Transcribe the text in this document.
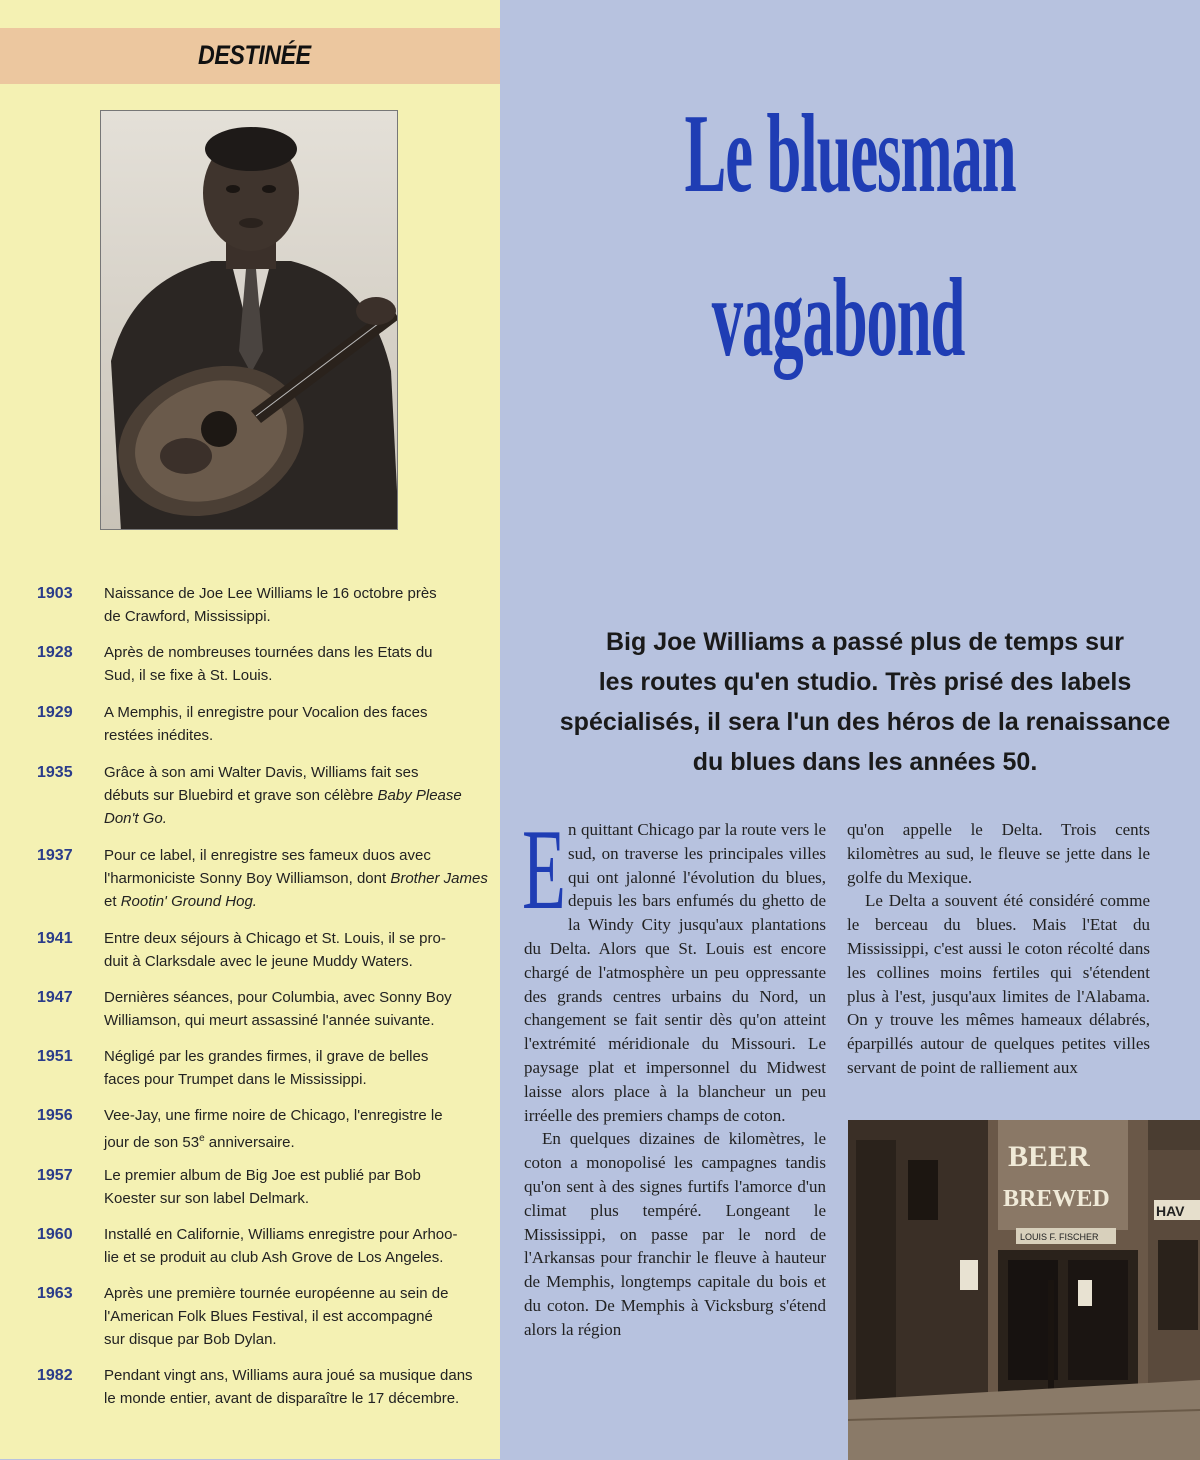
DESTINÉE
1903 Naissance de Joe Lee Williams le 16 octobre près
de Crawford, Mississippi.
1928 Après de nombreuses tournées dans les Etats du
Sud, il se fixe à St. Louis.
1929 A Memphis, il enregistre pour Vocalion des faces
restées inédites.
1935 Grâce à son ami Walter Davis, Williams fait ses
débuts sur Bluebird et grave son célèbre Baby Please Don't Go.
1937 Pour ce label, il enregistre ses fameux duos avec
l'harmoniciste Sonny Boy Williamson, dont Brother James et Rootin' Ground Hog.
1941 Entre deux séjours à Chicago et St. Louis, il se pro-
duit à Clarksdale avec le jeune Muddy Waters.
1947 Dernières séances, pour Columbia, avec Sonny Boy
Williamson, qui meurt assassiné l'année suivante.
1951 Négligé par les grandes firmes, il grave de belles
faces pour Trumpet dans le Mississippi.
1956 Vee-Jay, une firme noire de Chicago, l'enregistre le
jour de son 53e anniversaire.
1957 Le premier album de Big Joe est publié par Bob
Koester sur son label Delmark.
1960 Installé en Californie, Williams enregistre pour Arhoo-
lie et se produit au club Ash Grove de Los Angeles.
1963 Après une première tournée européenne au sein de
l'American Folk Blues Festival, il est accompagné
sur disque par Bob Dylan.
1982 Pendant vingt ans, Williams aura joué sa musique dans
le monde entier, avant de disparaître le 17 décembre.
Le bluesman
vagabond
Big Joe Williams a passé plus de temps sur
les routes qu'en studio. Très prisé des labels
spécialisés, il sera l'un des héros de la renaissance
du blues dans les années 50.

En quittant Chicago par la route vers le sud, on traverse les principales villes qui ont jalonné l'évolution du blues, depuis les bars enfumés du ghetto de la Windy City jusqu'aux plantations du Delta. Alors que St. Louis est encore chargé de l'atmosphère un peu oppressante des grands centres urbains du Nord, un changement se fait sentir dès qu'on atteint l'extrémité méridionale du Missouri. Le paysage plat et impersonnel du Midwest laisse alors place à la blancheur un peu irréelle des premiers champs de coton.

En quelques dizaines de kilomètres, le coton a monopolisé les campagnes tandis qu'on sent à des signes furtifs l'amorce d'un climat plus tempéré. Longeant le Mississippi, on passe par le nord de l'Arkansas pour franchir le fleuve à hauteur de Memphis, longtemps capitale du bois et du coton. De Memphis à Vicksburg s'étend alors la région

qu'on appelle le Delta. Trois cents kilomètres au sud, le fleuve se jette dans le golfe du Mexique.

Le Delta a souvent été considéré comme le berceau du blues. Mais l'Etat du Mississippi, c'est aussi le coton récolté dans les collines moins fertiles qui s'étendent plus à l'est, jusqu'aux limites de l'Alabama. On y trouve les mêmes hameaux délabrés, éparpillés autour de quelques petites villes servant de point de ralliement aux

BEER
BREWED
LOUIS F. FISCHER
HAV
